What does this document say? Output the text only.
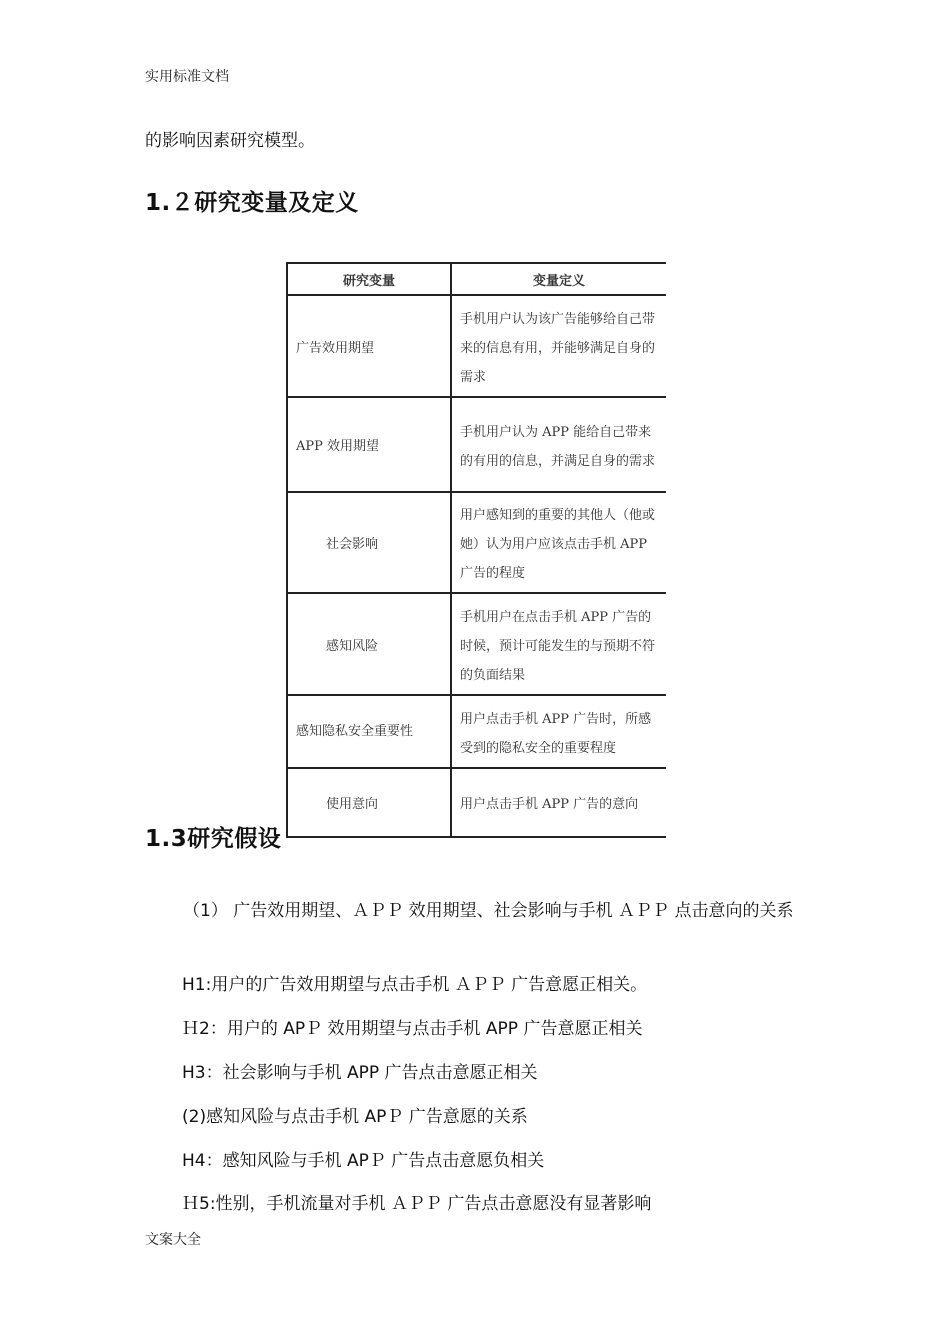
实用标准文档
的影响因素研究模型。
1.２研究变量及定义
研究变量	变量定义
广告效用期望	手机用户认为该广告能够给自己带来的信息有用，并能够满足自身的需求
APP 效用期望	手机用户认为 APP 能给自己带来的有用的信息，并满足自身的需求
社会影响	用户感知到的重要的其他人（他或她）认为用户应该点击手机 APP 广告的程度
感知风险	手机用户在点击手机 APP 广告的时候，预计可能发生的与预期不符的负面结果
感知隐私安全重要性	用户点击手机 APP 广告时，所感受到的隐私安全的重要程度
使用意向	用户点击手机 APP 广告的意向
1.3研究假设
（1） 广告效用期望、ＡＰＰ 效用期望、社会影响与手机 ＡＰＰ 点击意向的关系
H1:用户的广告效用期望与点击手机 ＡＰＰ 广告意愿正相关。
Ｈ2：用户的 APＰ 效用期望与点击手机 APP 广告意愿正相关
H3：社会影响与手机 APP 广告点击意愿正相关
(2)感知风险与点击手机 APＰ 广告意愿的关系
H4：感知风险与手机 APＰ 广告点击意愿负相关
Ｈ5:性别，手机流量对手机 ＡＰＰ 广告点击意愿没有显著影响
文案大全
